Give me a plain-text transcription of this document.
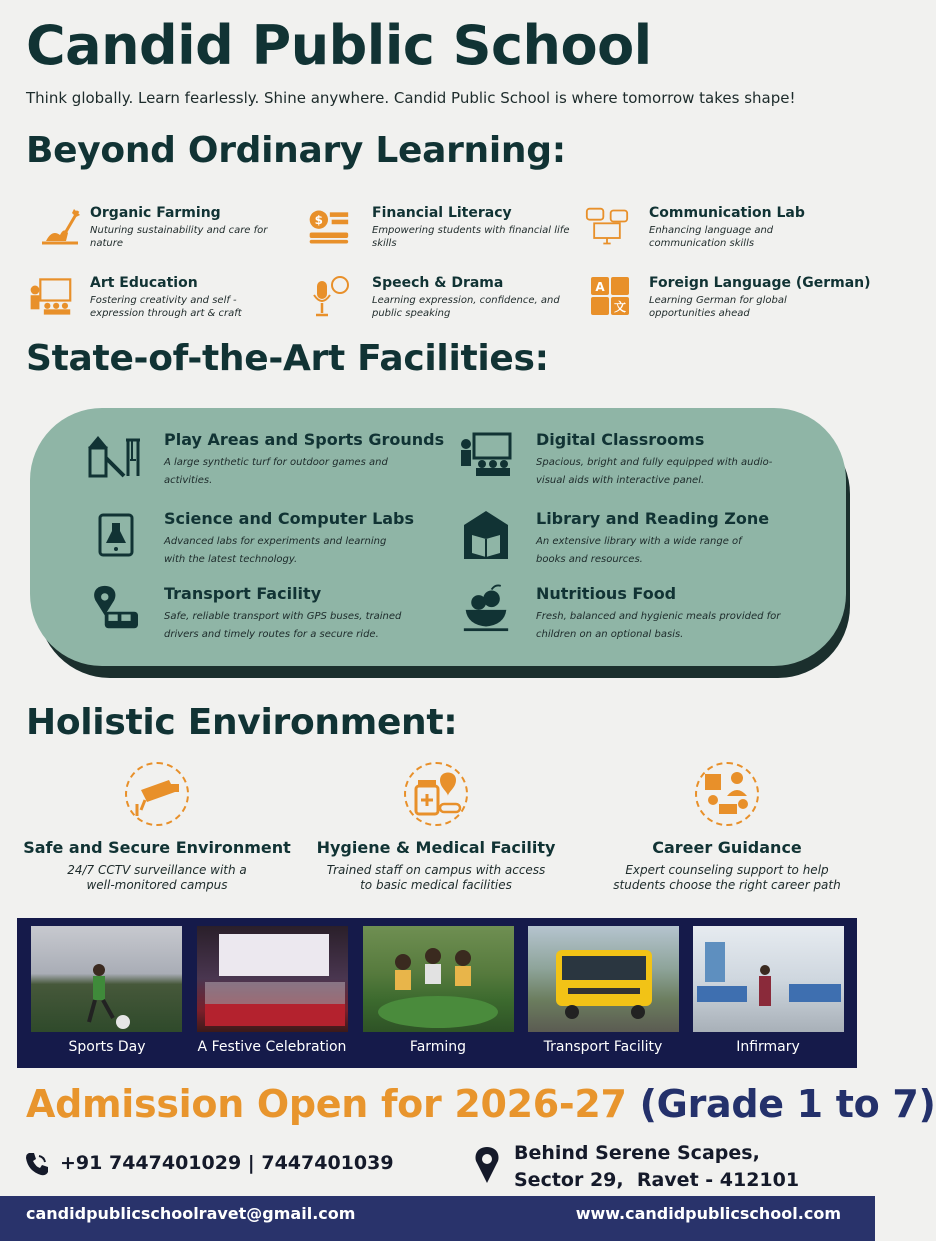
Candid Public School
Think globally. Learn fearlessly. Shine anywhere. Candid Public School is where tomorrow takes shape!
Beyond Ordinary Learning:
Organic Farming
Nuturing sustainability and care for nature
$	Financial Literacy
Empowering students with financial life skills
Communication Lab
Enhancing language and communication skills
Art Education
Fostering creativity and self - expression through art & craft
Speech & Drama
Learning expression, confidence, and public speaking
A
文
Foreign Language (German)
Learning German for global opportunities ahead
State-of-the-Art Facilities:
Play Areas and Sports Grounds
A large synthetic turf for outdoor games and activities.
Digital Classrooms
Spacious, bright and fully equipped with audio-visual aids with interactive panel.
Science and Computer Labs
Advanced labs for experiments and learning with the latest technology.
Library and Reading Zone
An extensive library with a wide range of books and resources.
Transport Facility
Safe, reliable transport with GPS buses, trained drivers and timely routes for a secure ride.
Nutritious Food
Fresh, balanced and hygienic meals provided for children on an optional basis.
Holistic Environment:
Safe and Secure Environment
24/7 CCTV surveillance with a
well-monitored campus
Hygiene & Medical Facility
Trained staff on campus with access
to basic medical facilities
Career Guidance
Expert counseling support to help
students choose the right career path
Sports Day	A Festive Celebration	Farming	Transport Facility	Infirmary
Admission Open for 2026-27 (Grade 1 to 7)
+91 7447401029 | 7447401039	Behind Serene Scapes,
Sector 29,  Ravet - 412101
candidpublicschoolravet@gmail.com	www.candidpublicschool.com
